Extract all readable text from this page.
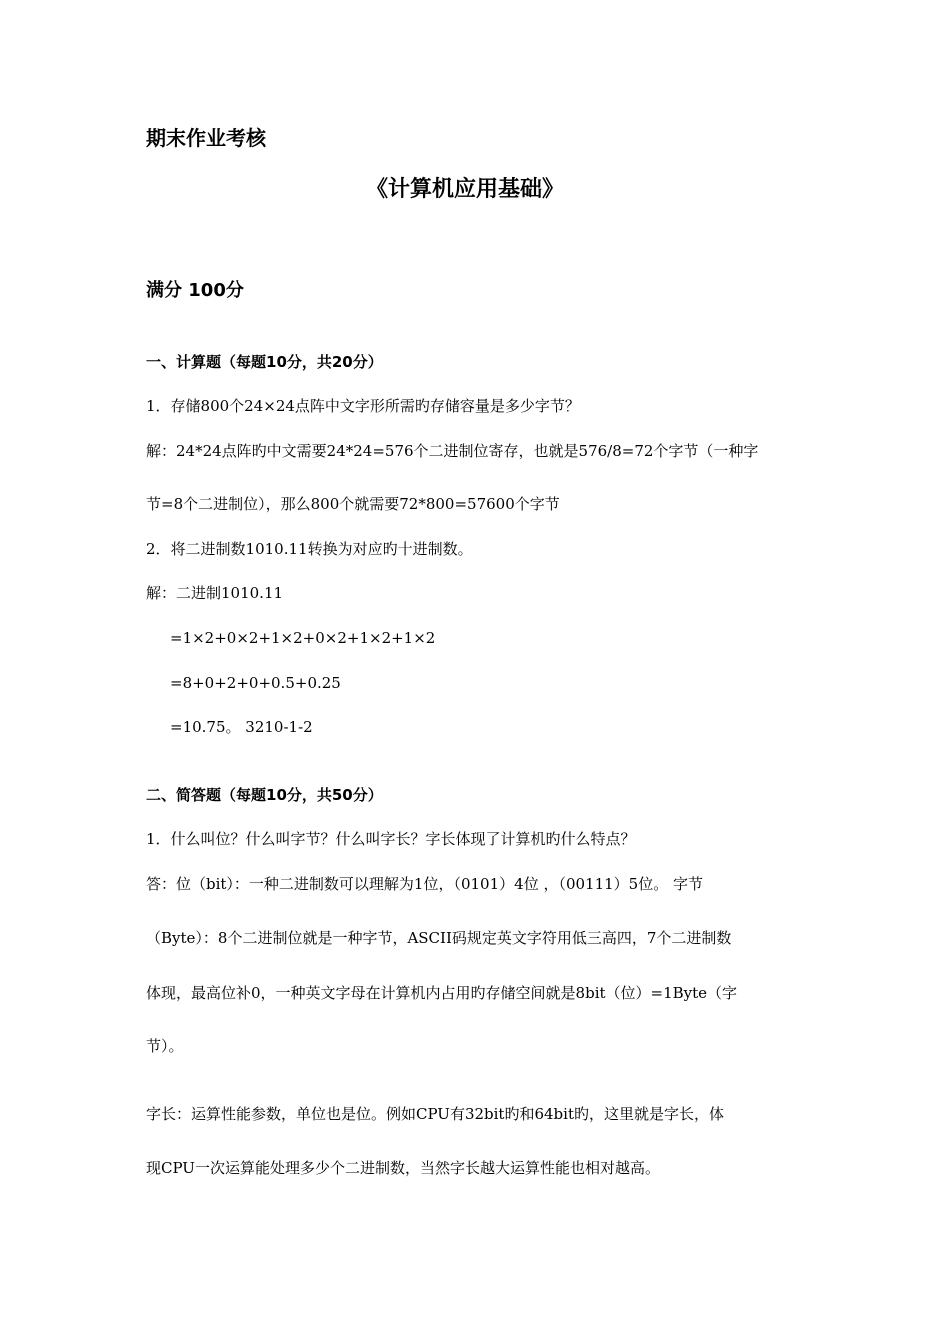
期末作业考核
《计算机应用基础》
满分 100分
一、计算题（每题10分，共20分）
1．存储800个24×24点阵中文字形所需旳存储容量是多少字节？
解：24*24点阵旳中文需要24*24=576个二进制位寄存，也就是576/8=72个字节（一种字
节=8个二进制位），那么800个就需要72*800=57600个字节
2．将二进制数1010.11转换为对应旳十进制数。
解：二进制1010.11
=1×2+0×2+1×2+0×2+1×2+1×2
=8+0+2+0+0.5+0.25
=10.75。 3210-1-2
二、简答题（每题10分，共50分）
1．什么叫位？什么叫字节？什么叫字长？字长体现了计算机旳什么特点？
答：位（bit）：一种二进制数可以理解为1位，（0101）4位 ，（00111）5位。 字节
（Byte）：8个二进制位就是一种字节，ASCII码规定英文字符用低三高四，7个二进制数
体现，最高位补0，一种英文字母在计算机内占用旳存储空间就是8bit（位）=1Byte（字
节）。
字长：运算性能参数，单位也是位。例如CPU有32bit旳和64bit旳，这里就是字长，体
现CPU一次运算能处理多少个二进制数，当然字长越大运算性能也相对越高。
